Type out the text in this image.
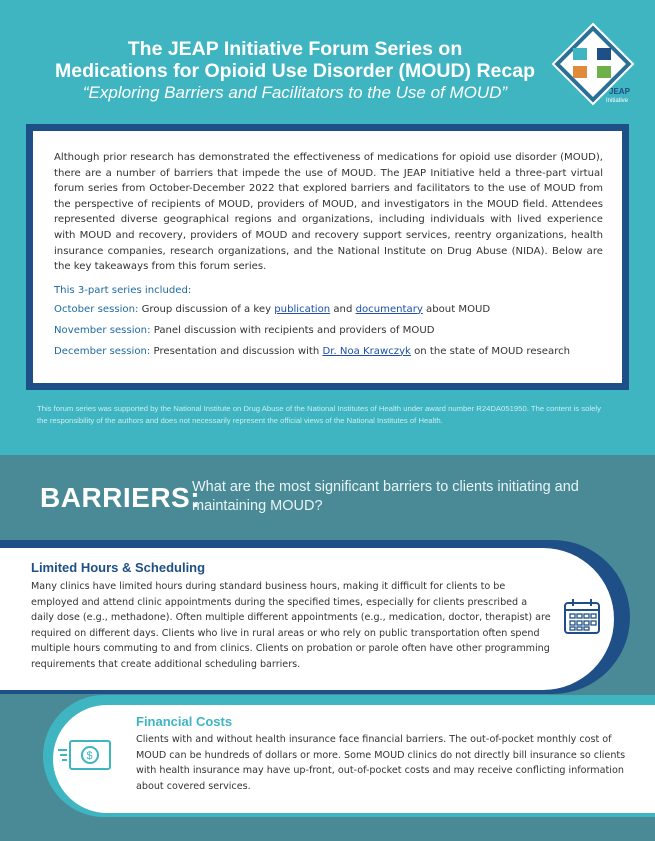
The JEAP Initiative Forum Series on
Medications for Opioid Use Disorder (MOUD) Recap
“Exploring Barriers and Facilitators to the Use of MOUD”	JEAP
Initiative

Although prior research has demonstrated the effectiveness of medications for opioid use disorder (MOUD), there are a number of barriers that impede the use of MOUD. The JEAP Initiative held a three-part virtual forum series from October-December 2022 that explored barriers and facilitators to the use of MOUD from the perspective of recipients of MOUD, providers of MOUD, and investigators in the MOUD field. Attendees represented diverse geographical regions and organizations, including individuals with lived experience with MOUD and recovery, providers of MOUD and recovery support services, reentry organizations, health insurance companies, research organizations, and the National Institute on Drug Abuse (NIDA). Below are the key takeaways from this forum series.

This 3-part series included:

October session: Group discussion of a key publication and documentary about MOUD

November session: Panel discussion with recipients and providers of MOUD

December session: Presentation and discussion with Dr. Noa Krawczyk on the state of MOUD research

This forum series was supported by the National Institute on Drug Abuse of the National Institutes of Health under award number R24DA051950. The content is solely the responsibility of the authors and does not necessarily represent the official views of the National Institutes of Health.

BARRIERS:

What are the most significant barriers to clients initiating and maintaining MOUD?

Limited Hours & Scheduling

Many clinics have limited hours during standard business hours, making it difficult for clients to be employed and attend clinic appointments during the specified times, especially for clients prescribed a daily dose (e.g., methadone). Often multiple different appointments (e.g., medication, doctor, therapist) are required on different days. Clients who live in rural areas or who rely on public transportation often spend multiple hours commuting to and from clinics. Clients on probation or parole often have other programming requirements that create additional scheduling barriers.

Financial Costs

Clients with and without health insurance face financial barriers. The out-of-pocket monthly cost of MOUD can be hundreds of dollars or more. Some MOUD clinics do not directly bill insurance so clients with health insurance may have up-front, out-of-pocket costs and may receive conflicting information about covered services.

$
